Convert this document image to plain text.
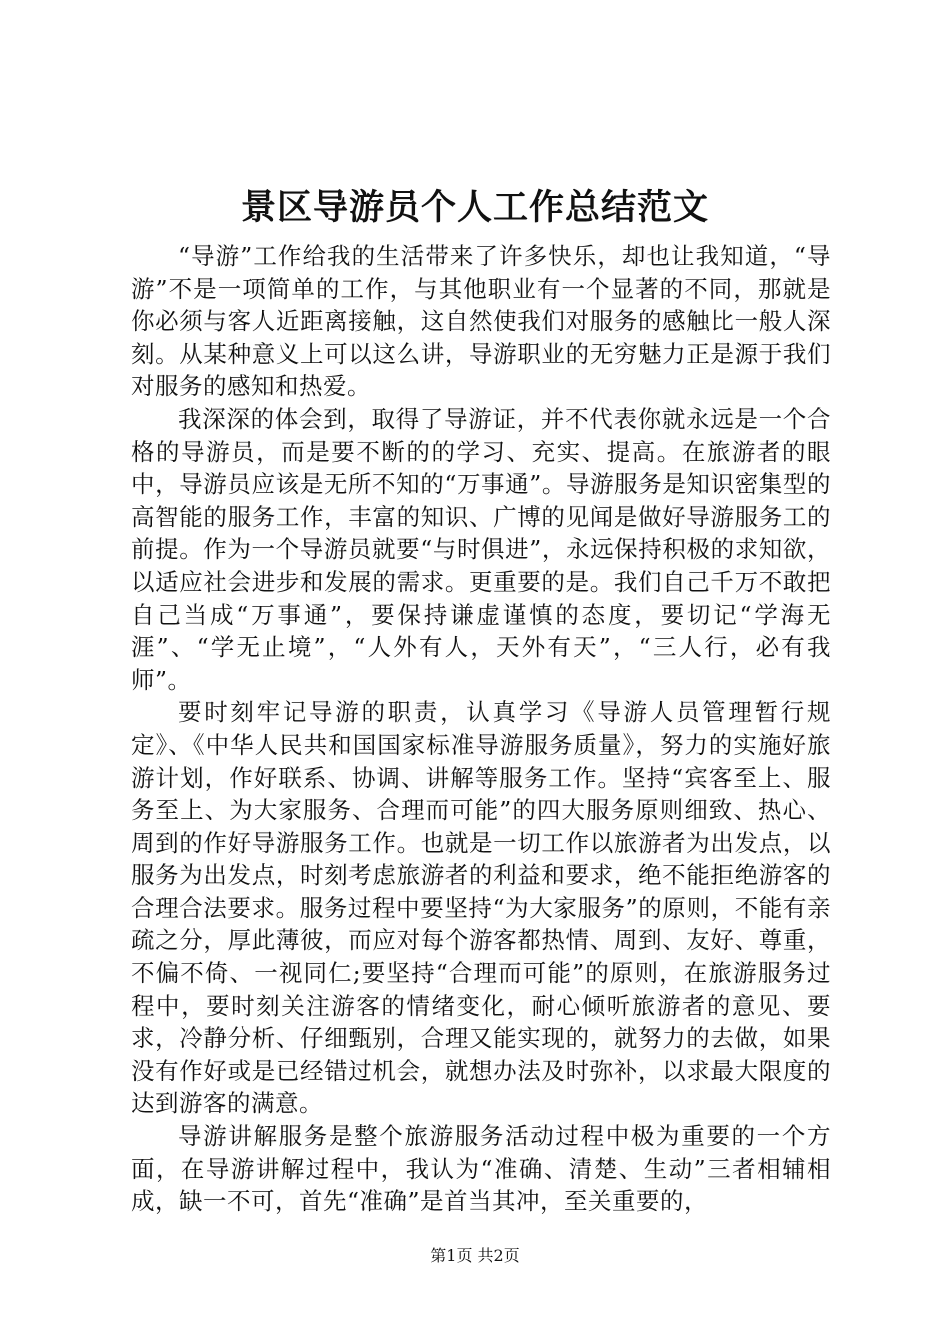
景区导游员个人工作总结范文

“导游”工作给我的生活带来了许多快乐，却也让我知道，“导游”不是一项简单的工作，与其他职业有一个显著的不同，那就是你必须与客人近距离接触，这自然使我们对服务的感触比一般人深刻。从某种意义上可以这么讲，导游职业的无穷魅力正是源于我们对服务的感知和热爱。

我深深的体会到，取得了导游证，并不代表你就永远是一个合格的导游员，而是要不断的的学习、充实、提高。在旅游者的眼中，导游员应该是无所不知的“万事通”。导游服务是知识密集型的高智能的服务工作，丰富的知识、广博的见闻是做好导游服务工的前提。作为一个导游员就要“与时俱进”，永远保持积极的求知欲，以适应社会进步和发展的需求。更重要的是。我们自己千万不敢把自己当成“万事通”，要保持谦虚谨慎的态度，要切记“学海无涯”、“学无止境”，“人外有人，天外有天”，“三人行，必有我师”。

要时刻牢记导游的职责，认真学习《导游人员管理暂行规定》、《中华人民共和国国家标准导游服务质量》，努力的实施好旅游计划，作好联系、协调、讲解等服务工作。坚持“宾客至上、服务至上、为大家服务、合理而可能”的四大服务原则细致、热心、周到的作好导游服务工作。也就是一切工作以旅游者为出发点，以服务为出发点，时刻考虑旅游者的利益和要求，绝不能拒绝游客的合理合法要求。服务过程中要坚持“为大家服务”的原则，不能有亲疏之分，厚此薄彼，而应对每个游客都热情、周到、友好、尊重，不偏不倚、一视同仁;要坚持“合理而可能”的原则，在旅游服务过程中，要时刻关注游客的情绪变化，耐心倾听旅游者的意见、要求，冷静分析、仔细甄别，合理又能实现的，就努力的去做，如果没有作好或是已经错过机会，就想办法及时弥补，以求最大限度的达到游客的满意。

导游讲解服务是整个旅游服务活动过程中极为重要的一个方面，在导游讲解过程中，我认为“准确、清楚、生动”三者相辅相成，缺一不可，首先“准确”是首当其冲，至关重要的，

第1页 共2页
